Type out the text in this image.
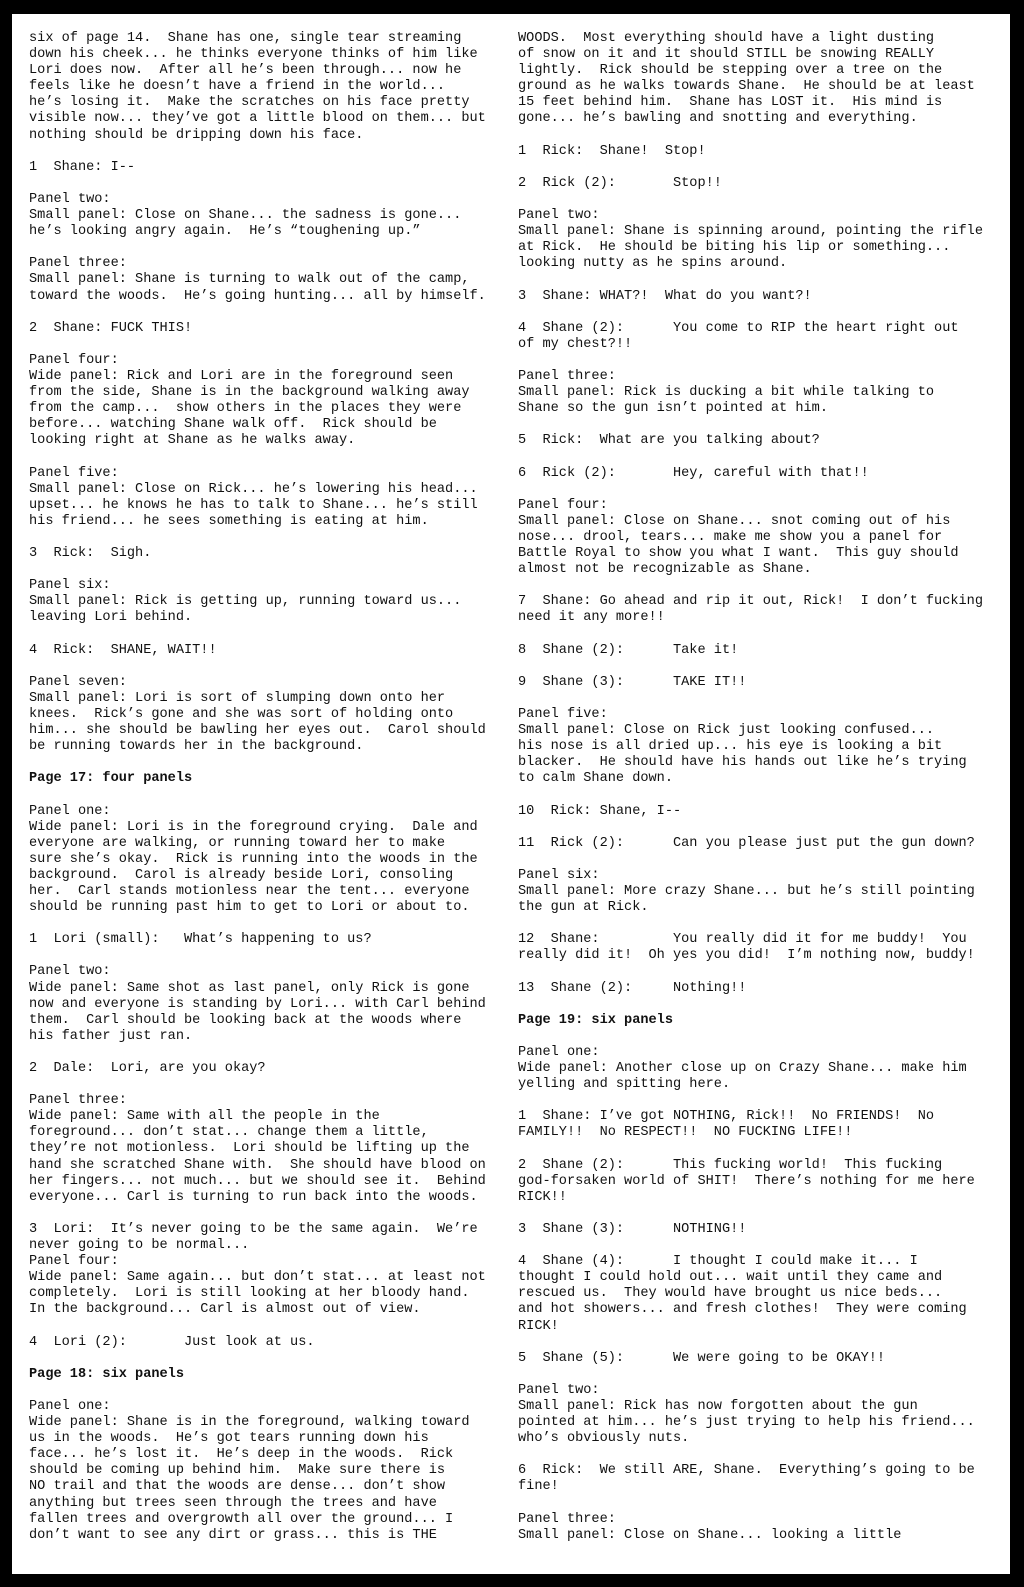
six of page 14.  Shane has one, single tear streaming
down his cheek... he thinks everyone thinks of him like
Lori does now.  After all he’s been through... now he
feels like he doesn’t have a friend in the world...
he’s losing it.  Make the scratches on his face pretty
visible now... they’ve got a little blood on them... but
nothing should be dripping down his face.
1  Shane: I--
Panel two:
Small panel: Close on Shane... the sadness is gone...
he’s looking angry again.  He’s “toughening up.”
Panel three:
Small panel: Shane is turning to walk out of the camp,
toward the woods.  He’s going hunting... all by himself.
2  Shane: FUCK THIS!
Panel four:
Wide panel: Rick and Lori are in the foreground seen
from the side, Shane is in the background walking away
from the camp...  show others in the places they were
before... watching Shane walk off.  Rick should be
looking right at Shane as he walks away.
Panel five:
Small panel: Close on Rick... he’s lowering his head...
upset... he knows he has to talk to Shane... he’s still
his friend... he sees something is eating at him.
3  Rick:  Sigh.
Panel six:
Small panel: Rick is getting up, running toward us...
leaving Lori behind.
4  Rick:  SHANE, WAIT!!
Panel seven:
Small panel: Lori is sort of slumping down onto her
knees.  Rick’s gone and she was sort of holding onto
him... she should be bawling her eyes out.  Carol should
be running towards her in the background.
Page 17: four panels
Panel one:
Wide panel: Lori is in the foreground crying.  Dale and
everyone are walking, or running toward her to make
sure she’s okay.  Rick is running into the woods in the
background.  Carol is already beside Lori, consoling
her.  Carl stands motionless near the tent... everyone
should be running past him to get to Lori or about to.
1  Lori (small):   What’s happening to us?
Panel two:
Wide panel: Same shot as last panel, only Rick is gone
now and everyone is standing by Lori... with Carl behind
them.  Carl should be looking back at the woods where
his father just ran.
2  Dale:  Lori, are you okay?
Panel three:
Wide panel: Same with all the people in the
foreground... don’t stat... change them a little,
they’re not motionless.  Lori should be lifting up the
hand she scratched Shane with.  She should have blood on
her fingers... not much... but we should see it.  Behind
everyone... Carl is turning to run back into the woods.
3  Lori:  It’s never going to be the same again.  We’re
never going to be normal...
Panel four:
Wide panel: Same again... but don’t stat... at least not
completely.  Lori is still looking at her bloody hand.
In the background... Carl is almost out of view.
4  Lori (2):       Just look at us.
Page 18: six panels
Panel one:
Wide panel: Shane is in the foreground, walking toward
us in the woods.  He’s got tears running down his
face... he’s lost it.  He’s deep in the woods.  Rick
should be coming up behind him.  Make sure there is
NO trail and that the woods are dense... don’t show
anything but trees seen through the trees and have
fallen trees and overgrowth all over the ground... I
don’t want to see any dirt or grass... this is THE
WOODS.  Most everything should have a light dusting
of snow on it and it should STILL be snowing REALLY
lightly.  Rick should be stepping over a tree on the
ground as he walks towards Shane.  He should be at least
15 feet behind him.  Shane has LOST it.  His mind is
gone... he’s bawling and snotting and everything.
1  Rick:  Shane!  Stop!
2  Rick (2):       Stop!!
Panel two:
Small panel: Shane is spinning around, pointing the rifle
at Rick.  He should be biting his lip or something...
looking nutty as he spins around.
3  Shane: WHAT?!  What do you want?!
4  Shane (2):      You come to RIP the heart right out
of my chest?!!
Panel three:
Small panel: Rick is ducking a bit while talking to
Shane so the gun isn’t pointed at him.
5  Rick:  What are you talking about?
6  Rick (2):       Hey, careful with that!!
Panel four:
Small panel: Close on Shane... snot coming out of his
nose... drool, tears... make me show you a panel for
Battle Royal to show you what I want.  This guy should
almost not be recognizable as Shane.
7  Shane: Go ahead and rip it out, Rick!  I don’t fucking
need it any more!!
8  Shane (2):      Take it!
9  Shane (3):      TAKE IT!!
Panel five:
Small panel: Close on Rick just looking confused...
his nose is all dried up... his eye is looking a bit
blacker.  He should have his hands out like he’s trying
to calm Shane down.
10  Rick: Shane, I--
11  Rick (2):      Can you please just put the gun down?
Panel six:
Small panel: More crazy Shane... but he’s still pointing
the gun at Rick.
12  Shane:         You really did it for me buddy!  You
really did it!  Oh yes you did!  I’m nothing now, buddy!
13  Shane (2):     Nothing!!
Page 19: six panels
Panel one:
Wide panel: Another close up on Crazy Shane... make him
yelling and spitting here.
1  Shane: I’ve got NOTHING, Rick!!  No FRIENDS!  No
FAMILY!!  No RESPECT!!  NO FUCKING LIFE!!
2  Shane (2):      This fucking world!  This fucking
god-forsaken world of SHIT!  There’s nothing for me here
RICK!!
3  Shane (3):      NOTHING!!
4  Shane (4):      I thought I could make it... I
thought I could hold out... wait until they came and
rescued us.  They would have brought us nice beds...
and hot showers... and fresh clothes!  They were coming
RICK!
5  Shane (5):      We were going to be OKAY!!
Panel two:
Small panel: Rick has now forgotten about the gun
pointed at him... he’s just trying to help his friend...
who’s obviously nuts.
6  Rick:  We still ARE, Shane.  Everything’s going to be
fine!
Panel three:
Small panel: Close on Shane... looking a little
